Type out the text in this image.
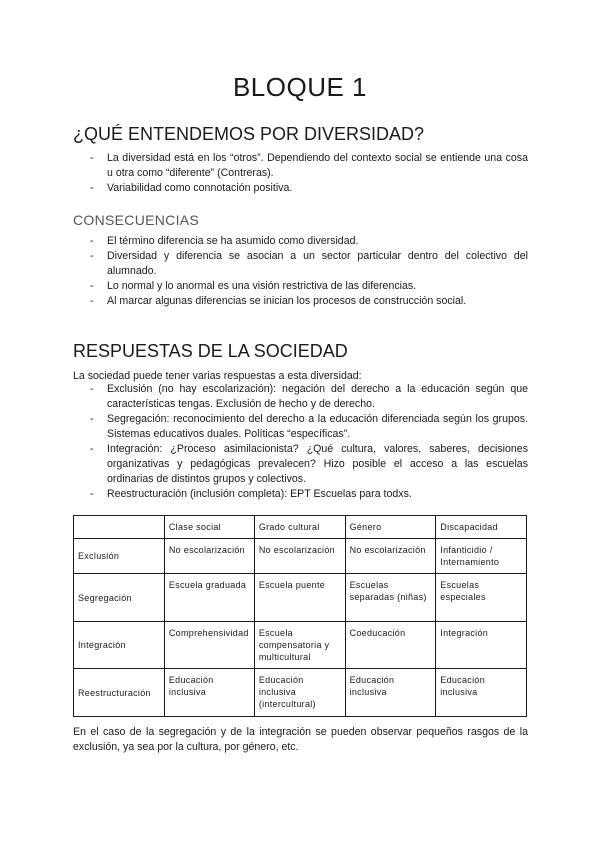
BLOQUE 1
¿QUÉ ENTENDEMOS POR DIVERSIDAD?
- La diversidad está en los “otros”. Dependiendo del contexto social se entiende una cosa u otra como “diferente” (Contreras).
- Variabilidad como connotación positiva.
CONSECUENCIAS
- El término diferencia se ha asumido como diversidad.
- Diversidad y diferencia se asocian a un sector particular dentro del colectivo del alumnado.
- Lo normal y lo anormal es una visión restrictiva de las diferencias.
- Al marcar algunas diferencias se inician los procesos de construcción social.
RESPUESTAS DE LA SOCIEDAD

La sociedad puede tener varias respuestas a esta diversidad:

- Exclusión (no hay escolarización): negación del derecho a la educación según que características tengas. Exclusión de hecho y de derecho.
- Segregación: reconocimiento del derecho a la educación diferenciada según los grupos. Sistemas educativos duales. Políticas “específicas”.
- Integración: ¿Proceso asimilacionista? ¿Qué cultura, valores, saberes, decisiones organizativas y pedagógicas prevalecen? Hizo posible el acceso a las escuelas ordinarias de distintos grupos y colectivos.
- Reestructuración (inclusión completa): EPT Escuelas para todxs.
	Clase social	Grado cultural	Género	Discapacidad
Exclusión	No escolarización	No escolarización	No escolarización	Infanticidio / Internamiento
Segregación	Escuela graduada	Escuela puente	Escuelas separadas (niñas)	Escuelas especiales
Integración	Comprehensividad	Escuela compensatoria y multicultural	Coeducación	Integración
Reestructuración	Educación inclusiva	Educación inclusiva (intercultural)	Educación inclusiva	Educación inclusiva

En el caso de la segregación y de la integración se pueden observar pequeños rasgos de la exclusión, ya sea por la cultura, por género, etc.
